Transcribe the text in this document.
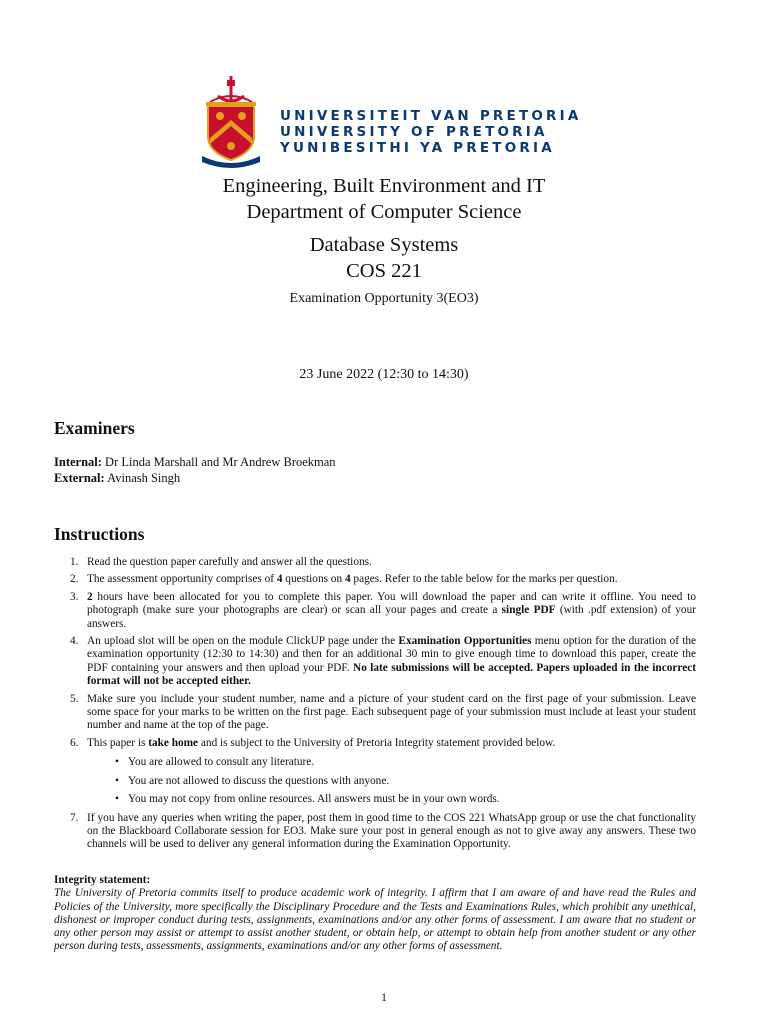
UNIVERSITEIT VAN PRETORIA
UNIVERSITY OF PRETORIA
YUNIBESITHI YA PRETORIA
Engineering, Built Environment and IT
Department of Computer Science
Database Systems
COS 221
Examination Opportunity 3(EO3)
23 June 2022 (12:30 to 14:30)
Examiners
Internal: Dr Linda Marshall and Mr Andrew Broekman
External: Avinash Singh
Instructions
1. Read the question paper carefully and answer all the questions.
2. The assessment opportunity comprises of 4 questions on 4 pages. Refer to the table below for the marks per question.
3. 2 hours have been allocated for you to complete this paper. You will download the paper and can write it offline. You need to photograph (make sure your photographs are clear) or scan all your pages and create a single PDF (with .pdf extension) of your answers.
4. An upload slot will be open on the module ClickUP page under the Examination Opportunities menu option for the duration of the examination opportunity (12:30 to 14:30) and then for an additional 30 min to give enough time to download this paper, create the PDF containing your answers and then upload your PDF. No late submissions will be accepted. Papers uploaded in the incorrect format will not be accepted either.
5. Make sure you include your student number, name and a picture of your student card on the first page of your submission. Leave some space for your marks to be written on the first page. Each subsequent page of your submission must include at least your student number and name at the top of the page.
6. This paper is take home and is subject to the University of Pretoria Integrity statement provided below.
• You are allowed to consult any literature.
• You are not allowed to discuss the questions with anyone.
• You may not copy from online resources. All answers must be in your own words.
7. If you have any queries when writing the paper, post them in good time to the COS 221 WhatsApp group or use the chat functionality on the Blackboard Collaborate session for EO3. Make sure your post in general enough as not to give away any answers. These two channels will be used to deliver any general information during the Examination Opportunity.
Integrity statement:
The University of Pretoria commits itself to produce academic work of integrity. I affirm that I am aware of and have read the Rules and Policies of the University, more specifically the Disciplinary Procedure and the Tests and Examinations Rules, which prohibit any unethical, dishonest or improper conduct during tests, assignments, examinations and/or any other forms of assessment. I am aware that no student or any other person may assist or attempt to assist another student, or obtain help, or attempt to obtain help from another student or any other person during tests, assessments, assignments, examinations and/or any other forms of assessment.
1
